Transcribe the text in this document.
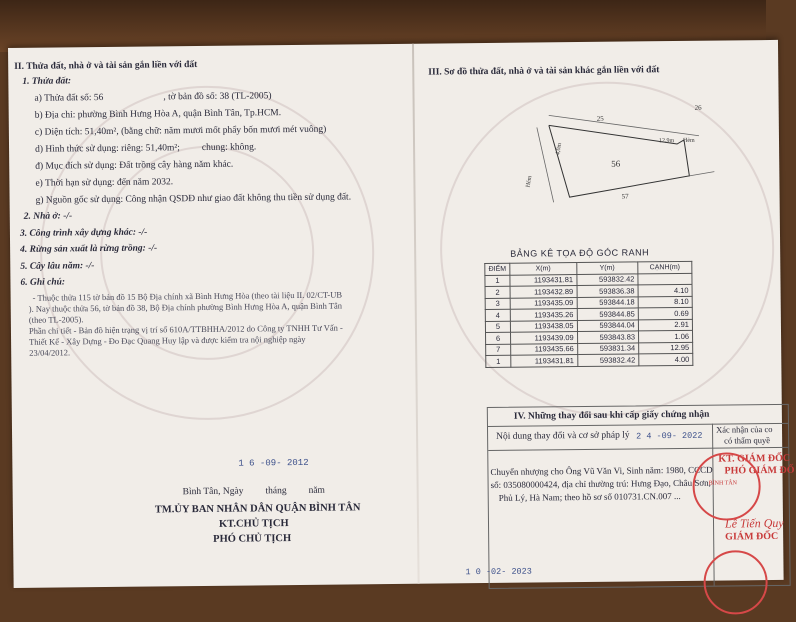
II. Thửa đất, nhà ở và tài sản gắn liền với đất
1. Thửa đất:
a) Thửa đất số: 56	, tờ bản đồ số: 38 (TL-2005)
b) Địa chỉ: phường Bình Hưng Hòa A, quận Bình Tân, Tp.HCM.
c) Diện tích: 51,40m², (bằng chữ: năm mươi mốt phẩy bốn mươi mét vuông)
d) Hình thức sử dụng: riêng: 51,40m²; chung: không.
đ) Mục đích sử dụng: Đất trồng cây hàng năm khác.
e) Thời hạn sử dụng: đến năm 2032.
g) Nguồn gốc sử dụng: Công nhận QSDĐ như giao đất không thu tiền sử dụng đất.
2. Nhà ở: -/-
3. Công trình xây dựng khác: -/-
4. Rừng sản xuất là rừng trồng: -/-
5. Cây lâu năm: -/-
6. Ghi chú:
- Thuộc thửa 115 tờ bản đồ 15 Bộ Địa chính xã Bình Hưng Hòa (theo tài liệu II. 02/CT-UB
). Nay thuộc thửa 56, tờ bản đồ 38, Bộ Địa chính phường Bình Hưng Hòa A, quận Bình Tân
(theo TL-2005).
Phần chi tiết - Bản đồ hiện trạng vị trí số 610A/TTBHHA/2012 do Công ty TNHH Tư Vấn -
Thiết Kế - Xây Dựng - Đo Đạc Quang Huy lập và được kiểm tra nội nghiệp ngày
23/04/2012.
1 6 -09- 2012
Bình Tân, Ngày tháng năm
TM.ỦY BAN NHÂN DÂN QUẬN BÌNH TÂN
KT.CHỦ TỊCH
PHÓ CHỦ TỊCH
III. Sơ đồ thửa đất, nhà ở và tài sản khác gắn liền với đất
25
26
56
57
4,0m
12,9m
Hẻm
Hẻm
BẢNG KÊ TỌA ĐỘ GÓC RANH
ĐIỂM	X(m)	Y(m)	CẠNH(m)
1	1193431.81	593832.42	
2	1193432.89	593836.38	4.10
3	1193435.09	593844.18	8.10
4	1193435.26	593844.85	0.69
5	1193438.05	593844.04	2.91
6	1193439.09	593843.83	1.06
7	1193435.66	593831.34	12.95
1	1193431.81	593832.42	4.00
IV. Những thay đổi sau khi cấp giấy chứng nhận
Nội dung thay đổi và cơ sở pháp lý
Xác nhận của co
có thẩm quyề
2 4 -09- 2022
Chuyển nhượng cho Ông Vũ Văn Vi, Sinh năm: 1980, CCCD
số: 035080000424, địa chỉ thường trú: Hưng Đạo, Châu Sơn,
Phủ Lý, Hà Nam; theo hồ sơ số 010731.CN.007 ...
KT. GIÁM ĐỐC
PHÓ GIÁM ĐỐ
Lê Tiến Quy
GIÁM ĐỐC
1 0 -02- 2023
BÌNH TÂN
